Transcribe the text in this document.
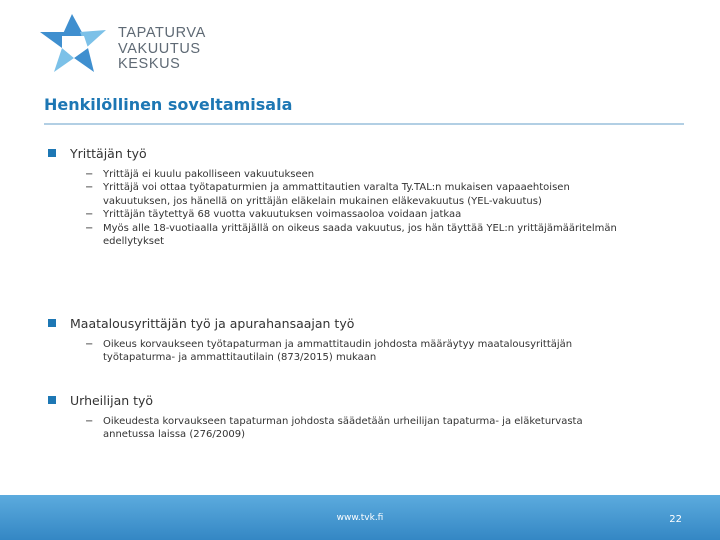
TAPATURVA
VAKUUTUS
KESKUS
Henkilöllinen soveltamisala
Yrittäjän työ
− Yrittäjä ei kuulu pakolliseen vakuutukseen
− Yrittäjä voi ottaa työtapaturmien ja ammattitautien varalta Ty.TAL:n mukaisen vapaaehtoisen vakuutuksen, jos hänellä on yrittäjän eläkelain mukainen eläkevakuutus (YEL-vakuutus)
− Yrittäjän täytettyä 68 vuotta vakuutuksen voimassaoloa voidaan jatkaa
− Myös alle 18-vuotiaalla yrittäjällä on oikeus saada vakuutus, jos hän täyttää YEL:n yrittäjämääritelmän edellytykset
Maatalousyrittäjän työ ja apurahansaajan työ
− Oikeus korvaukseen työtapaturman ja ammattitaudin johdosta määräytyy maatalousyrittäjän työtapaturma- ja ammattitautilain (873/2015) mukaan
Urheilijan työ
− Oikeudesta korvaukseen tapaturman johdosta säädetään urheilijan tapaturma- ja eläketurvasta annetussa laissa (276/2009)
www.tvk.fi	22
